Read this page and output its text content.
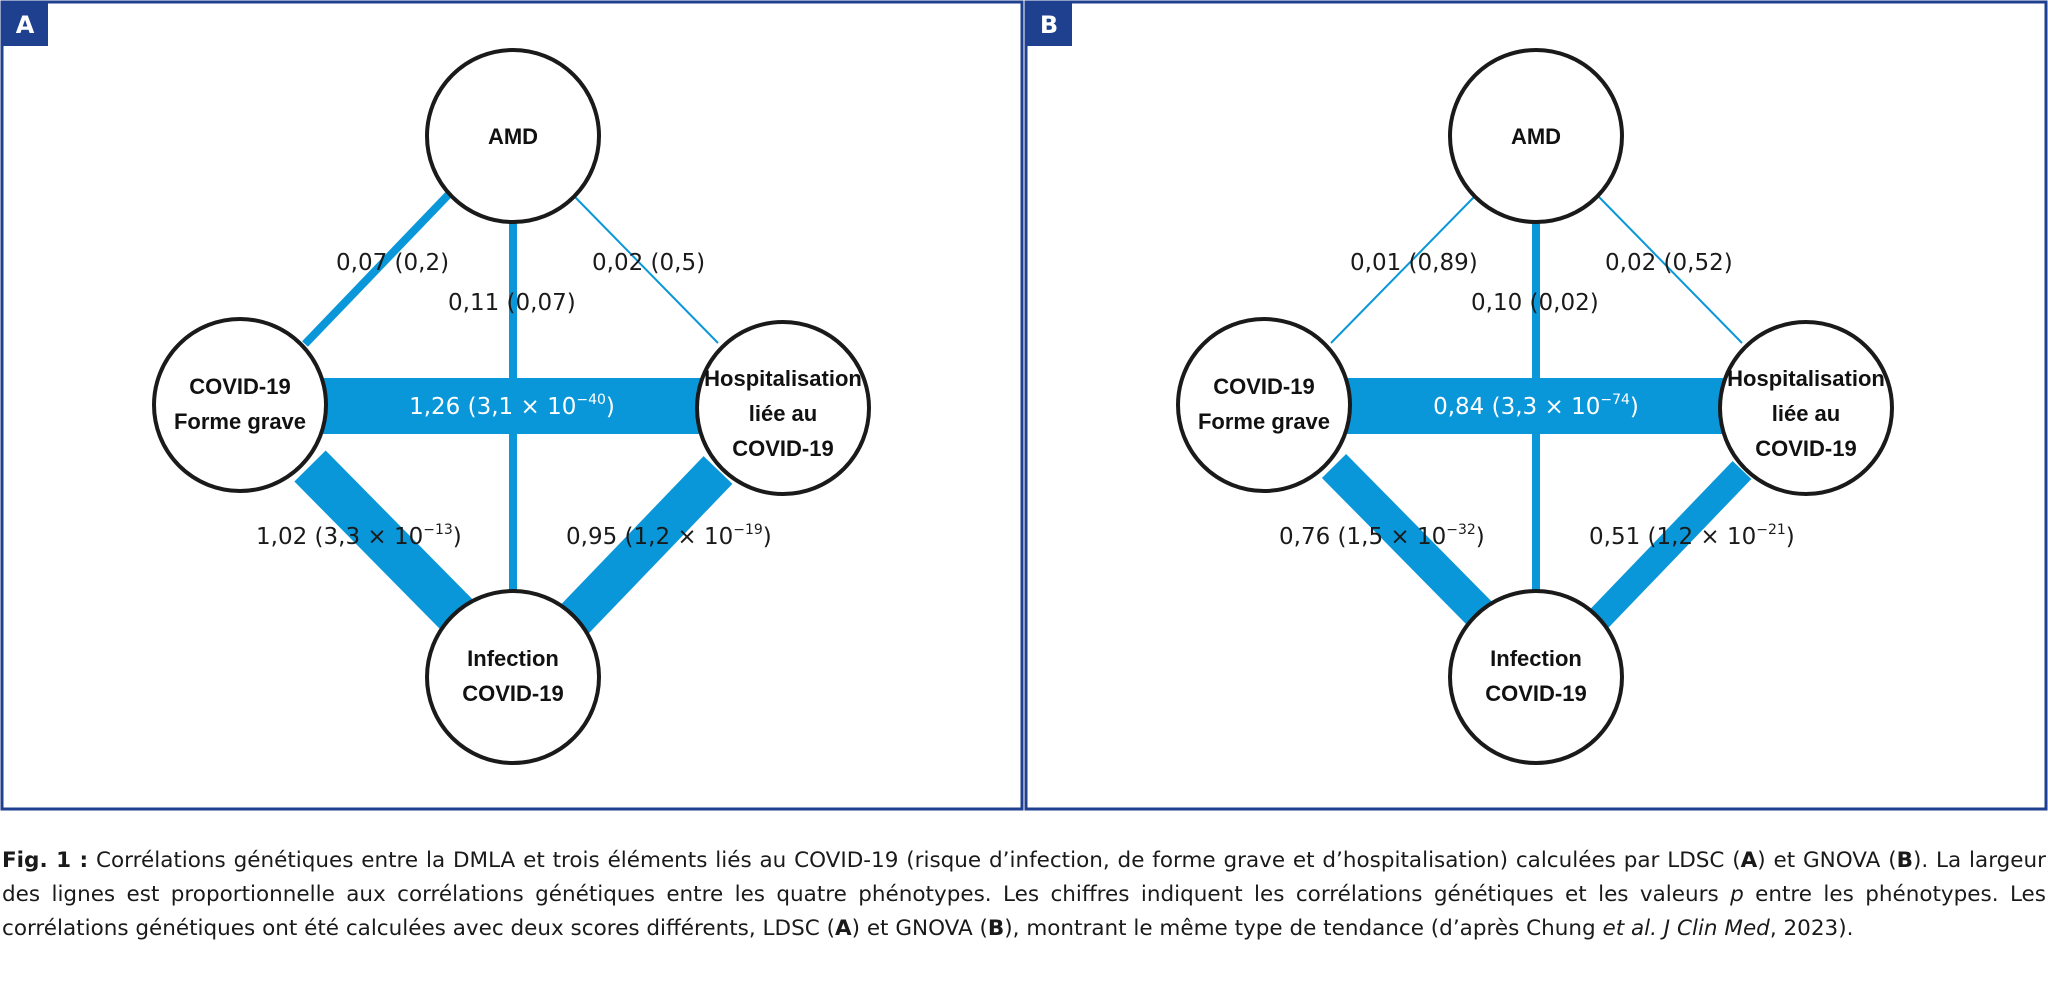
A
0,07 (0,2)
0,11 (0,07)
0,02 (0,5)
1,26 $(3,1 \times 10^{-40})$
1,02 $(3,3 \times 10^{-13})$	0,95 $(1,2 \times 10^{-19})$
AMD
COVID-19
Forme grave
Hospitalisation
liée au
COVID-19
Infection
COVID-19
B
0,01 (0,89)
0,10 (0,02)
0,02 (0,52)
0,84 $(3,3 \times 10^{-74})$
0,76 $(1,5 \times 10^{-32})$	0,51 $(1,2 \times 10^{-21})$
AMD
COVID-19
Forme grave
Hospitalisation
liée au
COVID-19
Infection
COVID-19
Fig. 1 : Corrélations génétiques entre la DMLA et trois éléments liés au COVID-19 (risque d’infection, de forme grave et d’hospitalisation) calculées par LDSC (A) et GNOVA (B). La largeur des lignes est proportionnelle aux corrélations génétiques entre les quatre phénotypes. Les chiffres indiquent les corrélations génétiques et les valeurs p entre les phénotypes. Les corrélations génétiques ont été calculées avec deux scores différents, LDSC (A) et GNOVA (B), montrant le même type de tendance (d’après Chung et al. J Clin Med, 2023).
